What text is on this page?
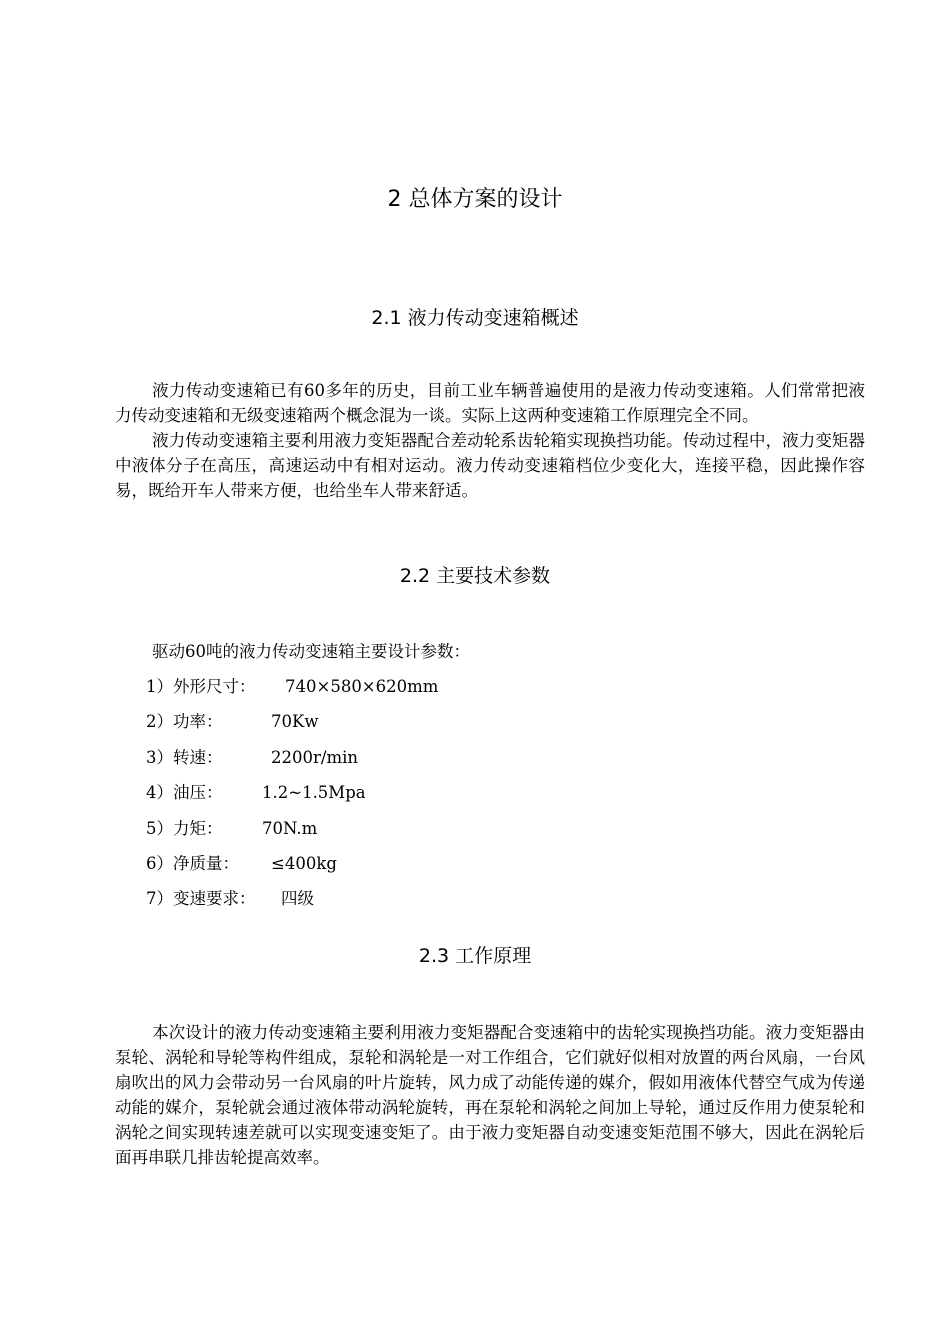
2 总体方案的设计
2.1 液力传动变速箱概述

液力传动变速箱已有60多年的历史，目前工业车辆普遍使用的是液力传动变速箱。人们常常把液力传动变速箱和无级变速箱两个概念混为一谈。实际上这两种变速箱工作原理完全不同。

液力传动变速箱主要利用液力变矩器配合差动轮系齿轮箱实现换挡功能。传动过程中，液力变矩器中液体分子在高压，高速运动中有相对运动。液力传动变速箱档位少变化大，连接平稳，因此操作容易，既给开车人带来方便，也给坐车人带来舒适。

2.2 主要技术参数

驱动60吨的液力传动变速箱主要设计参数：

1）外形尺寸： 740×580×620mm
2）功率：	70Kw
3）转速：	2200r/min
4）油压： 1.2~1.5Mpa
5）力矩： 70N.m
6）净质量： ≤400kg
7）变速要求： 四级
2.3 工作原理

本次设计的液力传动变速箱主要利用液力变矩器配合变速箱中的齿轮实现换挡功能。液力变矩器由泵轮、涡轮和导轮等构件组成，泵轮和涡轮是一对工作组合，它们就好似相对放置的两台风扇，一台风扇吹出的风力会带动另一台风扇的叶片旋转，风力成了动能传递的媒介，假如用液体代替空气成为传递动能的媒介，泵轮就会通过液体带动涡轮旋转，再在泵轮和涡轮之间加上导轮，通过反作用力使泵轮和涡轮之间实现转速差就可以实现变速变矩了。由于液力变矩器自动变速变矩范围不够大，因此在涡轮后面再串联几排齿轮提高效率。
